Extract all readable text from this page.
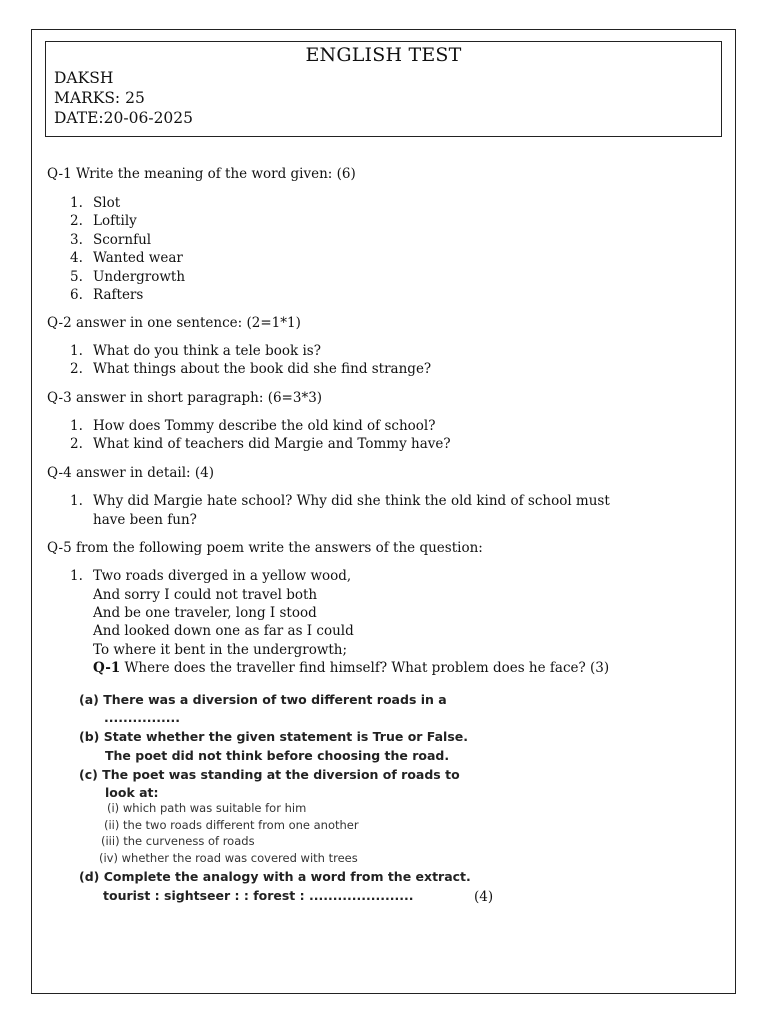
ENGLISH TEST
DAKSH
MARKS: 25
DATE:20-06-2025
Q-1 Write the meaning of the word given: (6)
1. Slot
2. Loftily
3. Scornful
4. Wanted wear
5. Undergrowth
6. Rafters
Q-2 answer in one sentence: (2=1*1)
1. What do you think a tele book is?
2. What things about the book did she find strange?
Q-3 answer in short paragraph: (6=3*3)
1. How does Tommy describe the old kind of school?
2. What kind of teachers did Margie and Tommy have?
Q-4 answer in detail: (4)
1. Why did Margie hate school? Why did she think the old kind of school must
have been fun?
Q-5 from the following poem write the answers of the question:
1. Two roads diverged in a yellow wood,
And sorry I could not travel both
And be one traveler, long I stood
And looked down one as far as I could
To where it bent in the undergrowth;
Q-1 Where does the traveller find himself? What problem does he face? (3)
(a) There was a diversion of two different roads in a
................
(b) State whether the given statement is True or False.
The poet did not think before choosing the road.
(c) The poet was standing at the diversion of roads to
look at:
(i) which path was suitable for him
(ii) the two roads different from one another
(iii) the curveness of roads
(iv) whether the road was covered with trees
(d) Complete the analogy with a word from the extract.
tourist : sightseer : : forest : ......................	(4)
